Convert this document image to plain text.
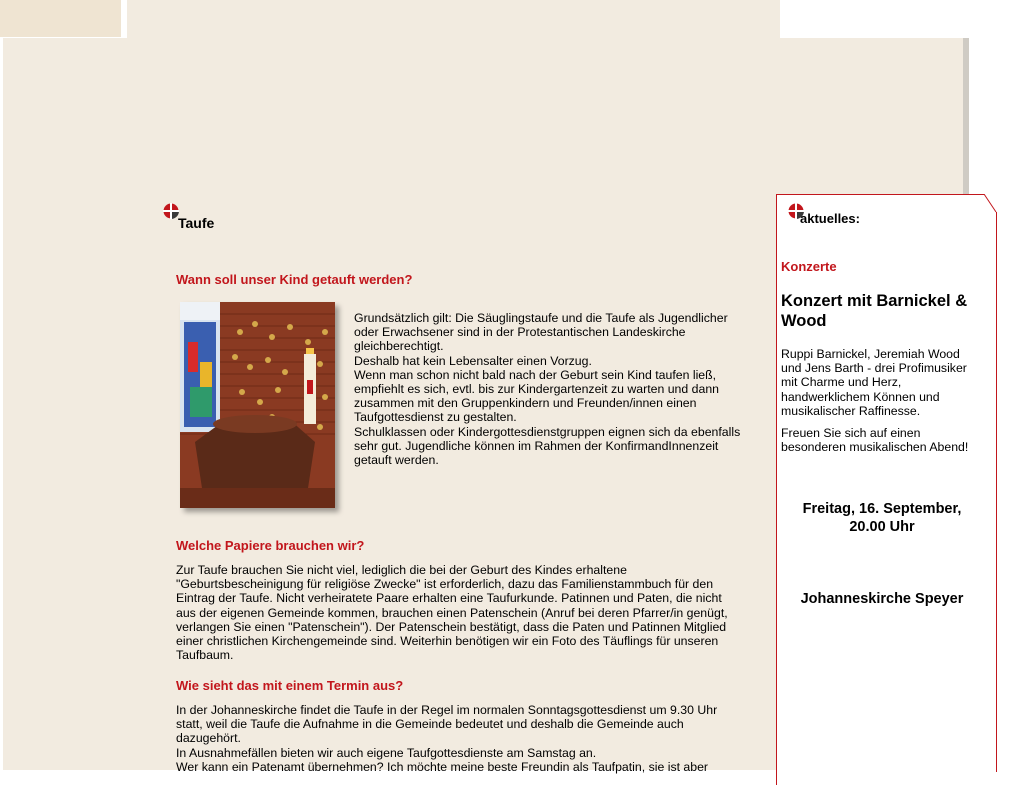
Taufe
Wann soll unser Kind getauft werden?
Grundsätzlich gilt: Die Säuglingstaufe und die Taufe als Jugendlicher
oder Erwachsener sind in der Protestantischen Landeskirche
gleichberechtigt.
Deshalb hat kein Lebensalter einen Vorzug.
Wenn man schon nicht bald nach der Geburt sein Kind taufen ließ,
empfiehlt es sich, evtl. bis zur Kindergartenzeit zu warten und dann
zusammen mit den Gruppenkindern und Freunden/innen einen
Taufgottesdienst zu gestalten.
Schulklassen oder Kindergottesdienstgruppen eignen sich da ebenfalls
sehr gut. Jugendliche können im Rahmen der KonfirmandInnenzeit
getauft werden.
Welche Papiere brauchen wir?
Zur Taufe brauchen Sie nicht viel, lediglich die bei der Geburt des Kindes erhaltene
"Geburtsbescheinigung für religiöse Zwecke" ist erforderlich, dazu das Familienstammbuch für den
Eintrag der Taufe. Nicht verheiratete Paare erhalten eine Taufurkunde. Patinnen und Paten, die nicht
aus der eigenen Gemeinde kommen, brauchen einen Patenschein (Anruf bei deren Pfarrer/in genügt,
verlangen Sie einen "Patenschein"). Der Patenschein bestätigt, dass die Paten und Patinnen Mitglied
einer christlichen Kirchengemeinde sind. Weiterhin benötigen wir ein Foto des Täuflings für unseren
Taufbaum.
Wie sieht das mit einem Termin aus?
In der Johanneskirche findet die Taufe in der Regel im normalen Sonntagsgottesdienst um 9.30 Uhr
statt, weil die Taufe die Aufnahme in die Gemeinde bedeutet und deshalb die Gemeinde auch
dazugehört.
In Ausnahmefällen bieten wir auch eigene Taufgottesdienste am Samstag an.
Wer kann ein Patenamt übernehmen? Ich möchte meine beste Freundin als Taufpatin, sie ist aber
aktuelles:
Konzerte
Konzert mit Barnickel & Wood
Ruppi Barnickel, Jeremiah Wood
und Jens Barth - drei Profimusiker
mit Charme und Herz,
handwerklichem Können und
musikalischer Raffinesse.
Freuen Sie sich auf einen
besonderen musikalischen Abend!
Freitag, 16. September,
20.00 Uhr
Johanneskirche Speyer
